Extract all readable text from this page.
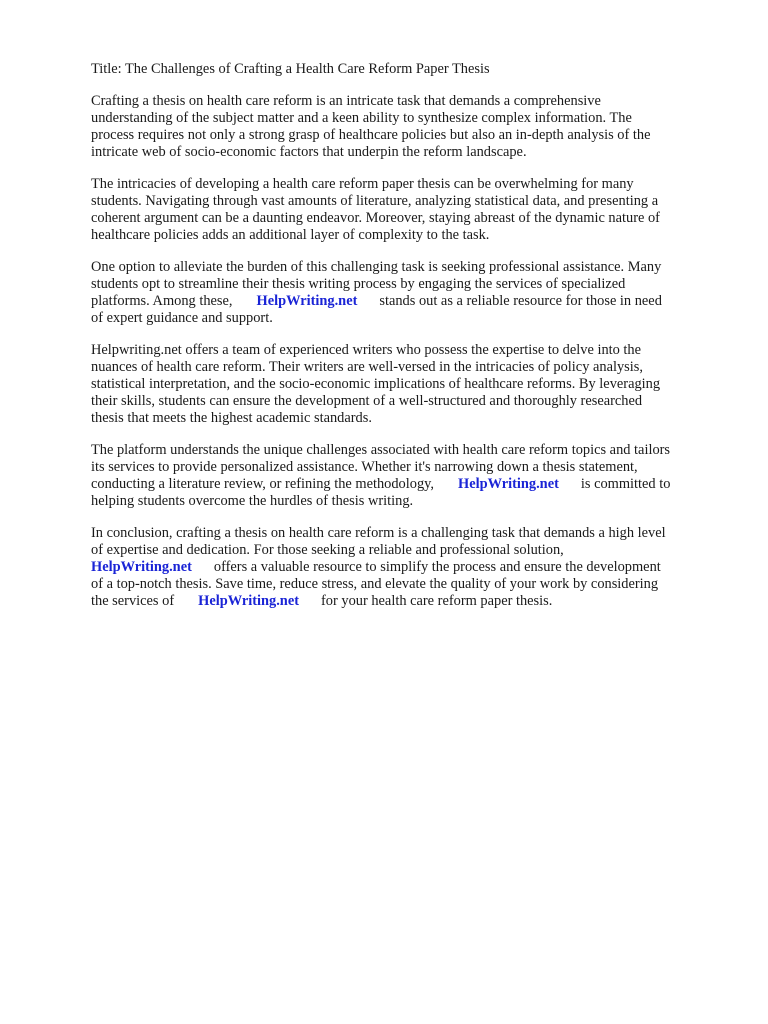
Title: The Challenges of Crafting a Health Care Reform Paper Thesis

Crafting a thesis on health care reform is an intricate task that demands a comprehensive
understanding of the subject matter and a keen ability to synthesize complex information. The
process requires not only a strong grasp of healthcare policies but also an in-depth analysis of the
intricate web of socio-economic factors that underpin the reform landscape.
The intricacies of developing a health care reform paper thesis can be overwhelming for many
students. Navigating through vast amounts of literature, analyzing statistical data, and presenting a
coherent argument can be a daunting endeavor. Moreover, staying abreast of the dynamic nature of
healthcare policies adds an additional layer of complexity to the task.
One option to alleviate the burden of this challenging task is seeking professional assistance. Many
students opt to streamline their thesis writing process by engaging the services of specialized
platforms. Among these, HelpWriting.net stands out as a reliable resource for those in need
of expert guidance and support.
Helpwriting.net offers a team of experienced writers who possess the expertise to delve into the
nuances of health care reform. Their writers are well-versed in the intricacies of policy analysis,
statistical interpretation, and the socio-economic implications of healthcare reforms. By leveraging
their skills, students can ensure the development of a well-structured and thoroughly researched
thesis that meets the highest academic standards.
The platform understands the unique challenges associated with health care reform topics and tailors
its services to provide personalized assistance. Whether it's narrowing down a thesis statement,
conducting a literature review, or refining the methodology, HelpWriting.net is committed to
helping students overcome the hurdles of thesis writing.
In conclusion, crafting a thesis on health care reform is a challenging task that demands a high level
of expertise and dedication. For those seeking a reliable and professional solution,
HelpWriting.net offers a valuable resource to simplify the process and ensure the development
of a top-notch thesis. Save time, reduce stress, and elevate the quality of your work by considering
the services of HelpWriting.net for your health care reform paper thesis.
